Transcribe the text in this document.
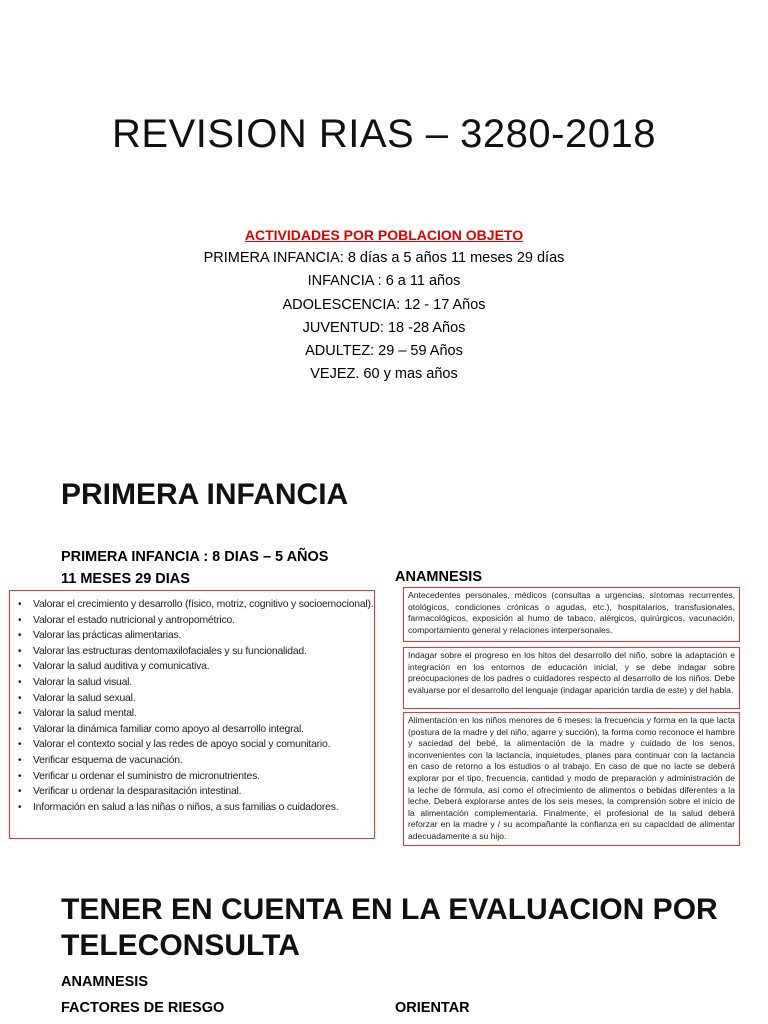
REVISION RIAS – 3280-2018
ACTIVIDADES POR POBLACION OBJETO
PRIMERA INFANCIA: 8 días a 5 años 11 meses 29 días
INFANCIA : 6 a 11 años
ADOLESCENCIA: 12 - 17 Años
JUVENTUD: 18 -28 Años
ADULTEZ: 29 – 59 Años
VEJEZ. 60 y mas años
PRIMERA INFANCIA
PRIMERA INFANCIA : 8 DIAS – 5 AÑOS
11 MESES 29 DIAS	ANAMNESIS
• Valorar el crecimiento y desarrollo (físico, motriz, cognitivo y socioemocional).
• Valorar el estado nutricional y antropométrico.
• Valorar las prácticas alimentarias.
• Valorar las estructuras dentomaxilofaciales y su funcionalidad.
• Valorar la salud auditiva y comunicativa.
• Valorar la salud visual.
• Valorar la salud sexual.
• Valorar la salud mental.
• Valorar la dinámica familiar como apoyo al desarrollo integral.
• Valorar el contexto social y las redes de apoyo social y comunitario.
• Verificar esquema de vacunación.
• Verificar u ordenar el suministro de micronutrientes.
• Verificar u ordenar la desparasitación intestinal.
• Información en salud a las niñas o niños, a sus familias o cuidadores.
Antecedentes personales, médicos (consultas a urgencias, síntomas recurrentes, otológicos, condiciones crónicas o agudas, etc.), hospitalarios, transfusionales, farmacológicos, exposición al humo de tabaco, alérgicos, quirúrgicos, vacunación, comportamiento general y relaciones interpersonales.
Indagar sobre el progreso en los hitos del desarrollo del niño, sobre la adaptación e integración en los entornos de educación inicial, y se debe indagar sobre preocupaciones de los padres o cuidadores respecto al desarrollo de los niños. Debe evaluarse por el desarrollo del lenguaje (indagar aparición tardía de este) y del habla.
Alimentación en los niños menores de 6 meses: la frecuencia y forma en la que lacta (postura de la madre y del niño, agarre y succión), la forma como reconoce el hambre y saciedad del bebé, la alimentación de la madre y cuidado de los senos, inconvenientes con la lactancia, inquietudes, planes para continuar con la lactancia en caso de retorno a los estudios o al trabajo. En caso de que no lacte se deberá explorar por el tipo, frecuencia, cantidad y modo de preparación y administración de la leche de fórmula, así como el ofrecimiento de alimentos o bebidas diferentes a la leche. Deberá explorarse antes de los seis meses, la comprensión sobre el inicio de la alimentación complementaria. Finalmente, el profesional de la salud deberá reforzar en la madre y / su acompañante la confianza en su capacidad de alimentar adecuadamente a su hijo.
TENER EN CUENTA EN LA EVALUACION POR TELECONSULTA
ANAMNESIS
FACTORES DE RIESGO	ORIENTAR
